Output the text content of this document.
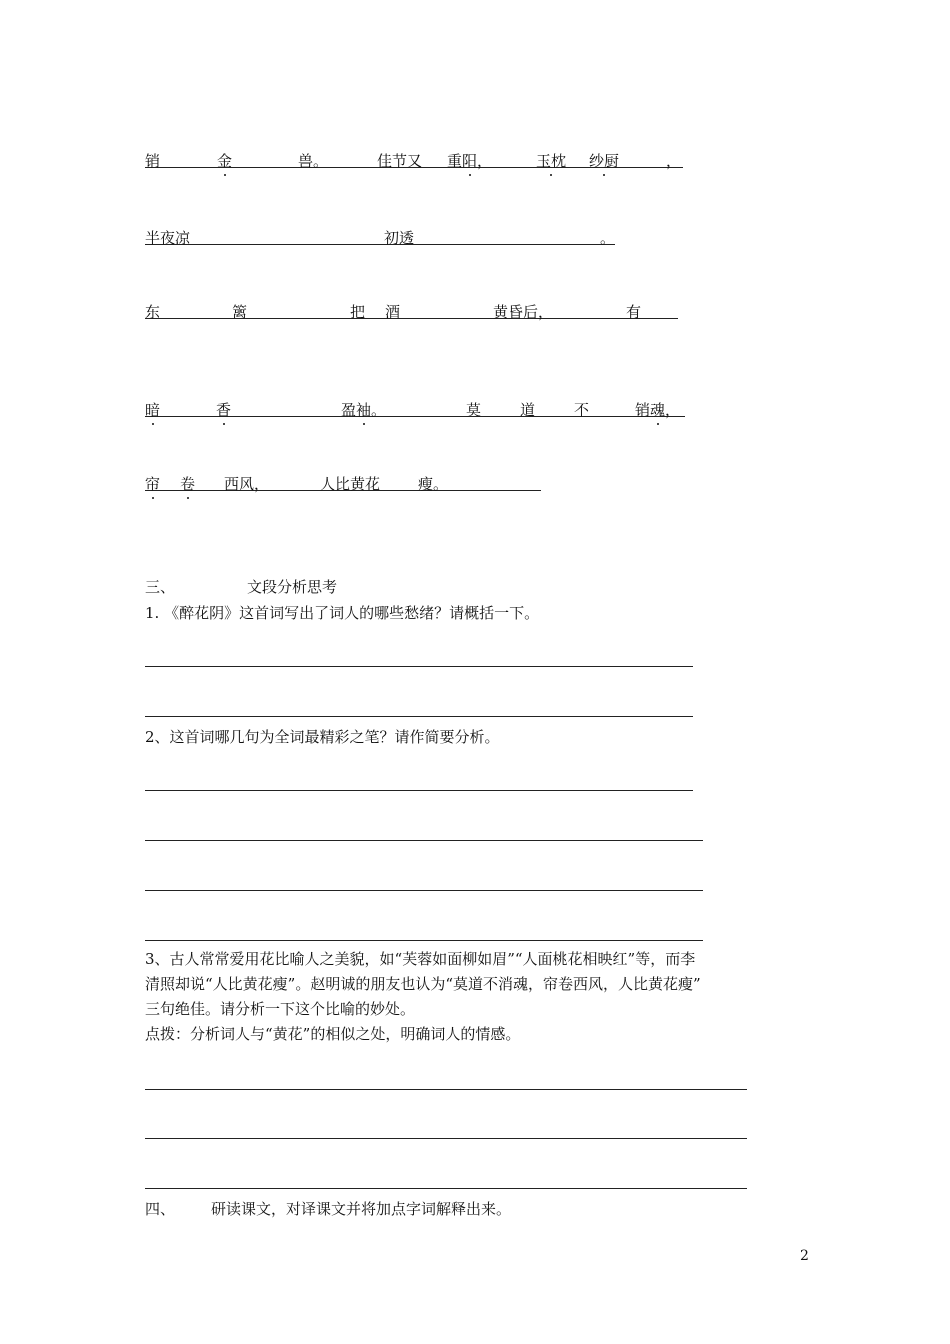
销	金	兽。	佳节又 重阳，	玉枕 纱厨	，
半夜凉	初透	。
东	篱	把 酒	黄昏后，	有
暗	香	盈袖。	莫	道	不	销魂，
帘 卷 西风，	人比黄花	瘦。
三、	文段分析思考
1. 《醉花阴》这首词写出了词人的哪些愁绪？请概括一下。
2、这首词哪几句为全词最精彩之笔？请作简要分析。
3、古人常常爱用花比喻人之美貌，如“芙蓉如面柳如眉”“人面桃花相映红”等，而李
清照却说“人比黄花瘦”。赵明诚的朋友也认为“莫道不消魂，帘卷西风，人比黄花瘦”
三句绝佳。请分析一下这个比喻的妙处。
点拨：分析词人与“黄花”的相似之处，明确词人的情感。
四、 研读课文，对译课文并将加点字词解释出来。
2
